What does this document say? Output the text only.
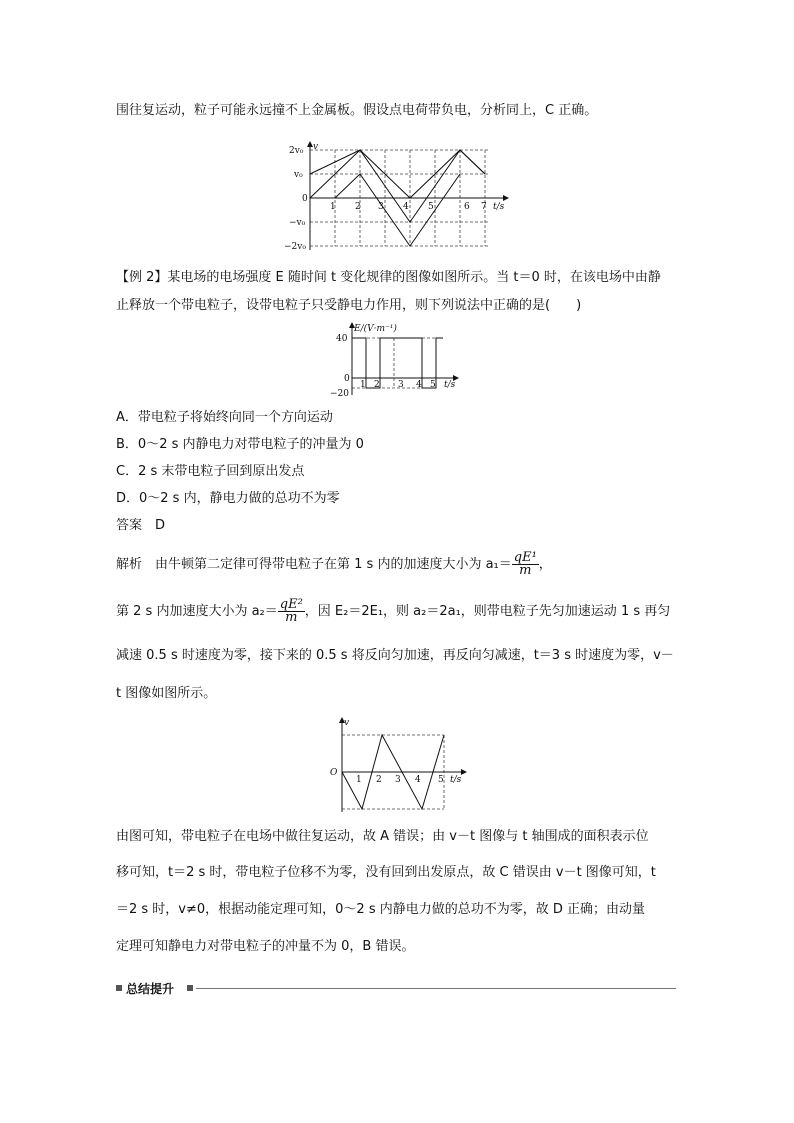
围往复运动，粒子可能永远撞不上金属板。假设点电荷带负电，分析同上，C 正确。
v
2v₀
v₀
0
−v₀
−2v₀
1 2 3 4 5	6 7 t/s
【例 2】某电场的电场强度 E 随时间 t 变化规律的图像如图所示。当 t＝0 时，在该电场中由静
止释放一个带电粒子，设带电粒子只受静电力作用，则下列说法中正确的是(　　)
E/(V·m⁻¹)
40
0
−20
1 2 3 4 5 t/s
A．带电粒子将始终向同一个方向运动
B．0～2 s 内静电力对带电粒子的冲量为 0
C．2 s 末带电粒子回到原出发点
D．0～2 s 内，静电力做的总功不为零
答案　D
解析　由牛顿第二定律可得带电粒子在第 1 s 内的加速度大小为 $a_1= \frac{\text{qE¹}}{m}$ ，
第 2 s 内加速度大小为 $a_2= \frac{\text{qE²}}{m}$ ，因 E₂＝2E₁，则 a₂＝2a₁，则带电粒子先匀加速运动 1 s 再匀
减速 0.5 s 时速度为零，接下来的 0.5 s 将反向匀加速，再反向匀减速，t＝3 s 时速度为零，v－
t 图像如图所示。
v
O
1 2 3 4 5 t/s
由图可知，带电粒子在电场中做往复运动，故 A 错误；由 v－t 图像与 t 轴围成的面积表示位
移可知，t＝2 s 时，带电粒子位移不为零，没有回到出发原点，故 C 错误由 v－t 图像可知，t
＝2 s 时，v≠0，根据动能定理可知，0～2 s 内静电力做的总功不为零，故 D 正确；由动量
定理可知静电力对带电粒子的冲量不为 0，B 错误。
总结提升
